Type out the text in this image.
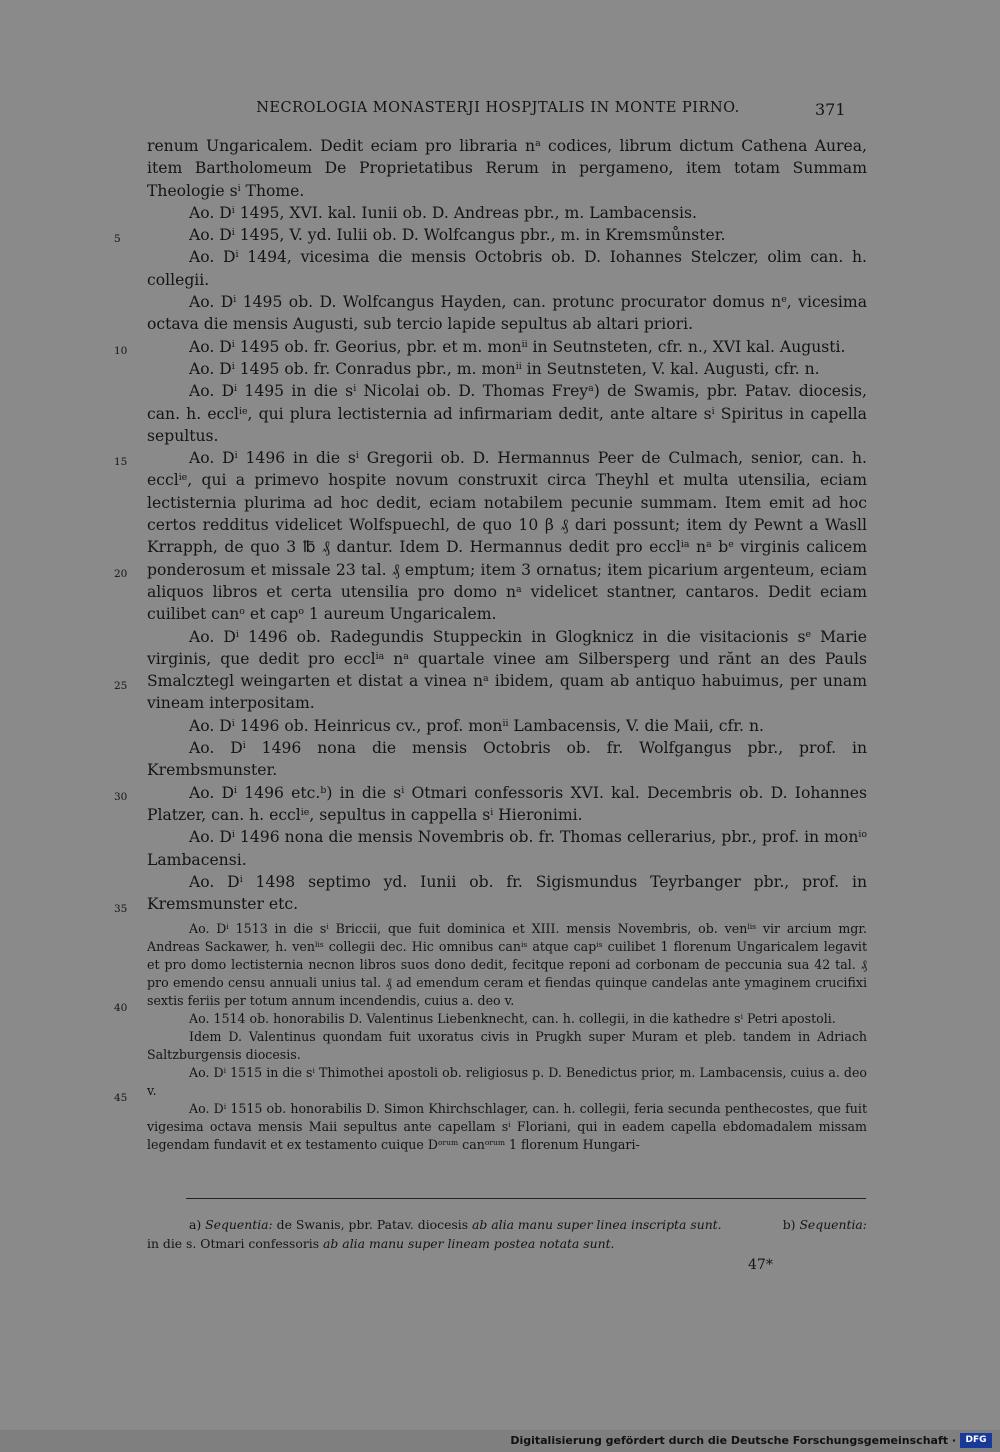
NECROLOGIA MONASTERJI HOSPJTALIS IN MONTE PIRNO.	371
5
10
15
20
25
30
35
40
45

renum Ungaricalem. Dedit eciam pro libraria $n^a$ codices, librum dictum Cathena Aurea, item Bartholomeum De Proprietatibus Rerum in pergameno, item totam Summam Theologie $s^i$ Thome.

Ao. $D^i$ 1495, XVI. kal. Iunii ob. D. Andreas pbr., m. Lambacensis.

Ao. $D^i$ 1495, V. yd. Iulii ob. D. Wolfcangus pbr., m. in Kremsmůnster.

Ao. $D^i$ 1494, vicesima die mensis Octobris ob. D. Iohannes Stelczer, olim can. h. collegii.

Ao. $D^i$ 1495 ob. D. Wolfcangus Hayden, can. protunc procurator domus $n^e$, vicesima octava die mensis Augusti, sub tercio lapide sepultus ab altari priori.

Ao. $D^i$ 1495 ob. fr. Georius, pbr. et m. mon$^{ii}$ in Seutnsteten, cfr. n., XVI kal. Augusti.

Ao. $D^i$ 1495 ob. fr. Conradus pbr., m. mon$^{ii}$ in Seutnsteten, V. kal. Augusti, cfr. n.

Ao. $D^i$ 1495 in die $s^i$ Nicolai ob. D. Thomas Frey$^a$) de Swamis, pbr. Patav. diocesis, can. h. eccl$^{ie}$, qui plura lectisternia ad infirmariam dedit, ante altare $s^i$ Spiritus in capella sepultus.

Ao. $D^i$ 1496 in die $s^i$ Gregorii ob. D. Hermannus Peer de Culmach, senior, can. h. eccl$^{ie}$, qui a primevo hospite novum construxit circa Theyhl et multa utensilia, eciam lectisternia plurima ad hoc dedit, eciam notabilem pecunie summam. Item emit ad hoc certos redditus videlicet Wolfspuechl, de quo 10 β ₰ dari possunt; item dy Pewnt a Wasll Krrapph, de quo 3 ℔ ₰ dantur. Idem D. Hermannus dedit pro eccl$^{ia}$ $n^a$ $b^e$ virginis calicem ponderosum et missale 23 tal. ₰ emptum; item 3 ornatus; item picarium argenteum, eciam aliquos libros et certa utensilia pro domo $n^a$ videlicet stantner, cantaros. Dedit eciam cuilibet can$^o$ et cap$^o$ 1 aureum Ungaricalem.

Ao. $D^i$ 1496 ob. Radegundis Stuppeckin in Glogknicz in die visitacionis $s^e$ Marie virginis, que dedit pro eccl$^{ia}$ $n^a$ quartale vinee am Silbersperg und rănt an des Pauls Smalcztegl weingarten et distat a vinea $n^a$ ibidem, quam ab antiquo habuimus, per unam vineam interpositam.

Ao. $D^i$ 1496 ob. Heinricus cv., prof. mon$^{ii}$ Lambacensis, V. die Maii, cfr. n.

Ao. $D^i$ 1496 nona die mensis Octobris ob. fr. Wolfgangus pbr., prof. in Krembsmunster.

Ao. $D^i$ 1496 etc.$^b$) in die $s^i$ Otmari confessoris XVI. kal. Decembris ob. D. Iohannes Platzer, can. h. eccl$^{ie}$, sepultus in cappella $s^i$ Hieronimi.

Ao. $D^i$ 1496 nona die mensis Novembris ob. fr. Thomas cellerarius, pbr., prof. in mon$^{io}$ Lambacensi.

Ao. $D^i$ 1498 septimo yd. Iunii ob. fr. Sigismundus Teyrbanger pbr., prof. in Kremsmunster etc.

Ao. $D^i$ 1513 in die $s^i$ Briccii, que fuit dominica et XIII. mensis Novembris, ob. ven$^{lis}$ vir arcium mgr. Andreas Sackawer, h. ven$^{lis}$ collegii dec. Hic omnibus can$^{is}$ atque cap$^{is}$ cuilibet 1 florenum Ungaricalem legavit et pro domo lectisternia necnon libros suos dono dedit, fecitque reponi ad corbonam de peccunia sua 42 tal. ₰ pro emendo censu annuali unius tal. ₰ ad emendum ceram et fiendas quinque candelas ante ymaginem crucifixi sextis feriis per totum annum incendendis, cuius a. deo v.

Ao. 1514 ob. honorabilis D. Valentinus Liebenknecht, can. h. collegii, in die kathedre $s^i$ Petri apostoli.

Idem D. Valentinus quondam fuit uxoratus civis in Prugkh super Muram et pleb. tandem in Adriach Saltzburgensis diocesis.

Ao. $D^i$ 1515 in die $s^i$ Thimothei apostoli ob. religiosus p. D. Benedictus prior, m. Lambacensis, cuius a. deo v.

Ao. $D^i$ 1515 ob. honorabilis D. Simon Khirchschlager, can. h. collegii, feria secunda penthecostes, que fuit vigesima octava mensis Maii sepultus ante capellam $s^i$ Floriani, qui in eadem capella ebdomadalem missam legendam fundavit et ex testamento cuique $D^{orum}$ can$^{orum}$ 1 florenum Hungari-

a) Sequentia: de Swanis, pbr. Patav. diocesis ab alia manu super linea inscripta sunt.	b) Sequentia:
in die s. Otmari confessoris ab alia manu super lineam postea notata sunt.
47*
Digitalisierung gefördert durch die Deutsche Forschungsgemeinschaft ·	DFG
